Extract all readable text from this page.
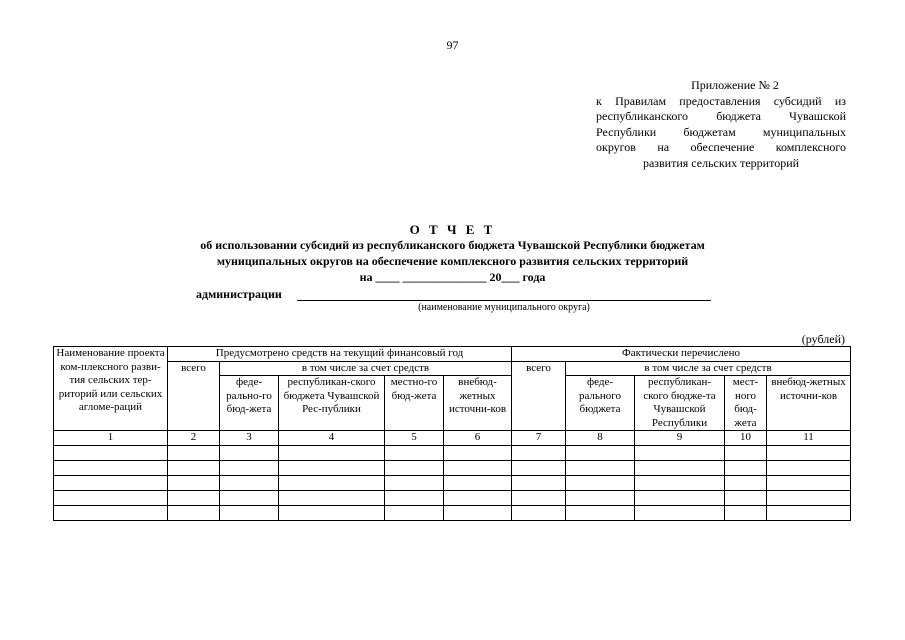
97
Приложение № 2
к Правилам предоставления субсидий из
республиканского бюджета Чувашской
Республики бюджетам муниципальных
округов на обеспечение комплексного
развития сельских территорий
О Т Ч Е Т
об использовании субсидий из республиканского бюджета Чувашской Республики бюджетам
муниципальных округов на обеспечение комплексного развития сельских территорий
на ____ ______________ 20___ года
администрации
(наименование муниципального округа)
(рублей)
Наименование проекта ком-плексного разви-тия сельских тер-риторий или сельских агломе-раций	Предусмотрено средств на текущий финансовый год					Фактически перечислено				
	всего	в том числе за счет средств				всего	в том числе за счет средств			
		феде-рально-го бюд-жета	республикан-ского бюджета Чувашской Рес-публики	местно-го бюд-жета	внебюд-жетных источни-ков		феде-рального бюджета	республикан-ского бюдже-та Чувашской Республики	мест-ного бюд-жета	внебюд-жетных источни-ков
1	2	3	4	5	6	7	8	9	10	11
